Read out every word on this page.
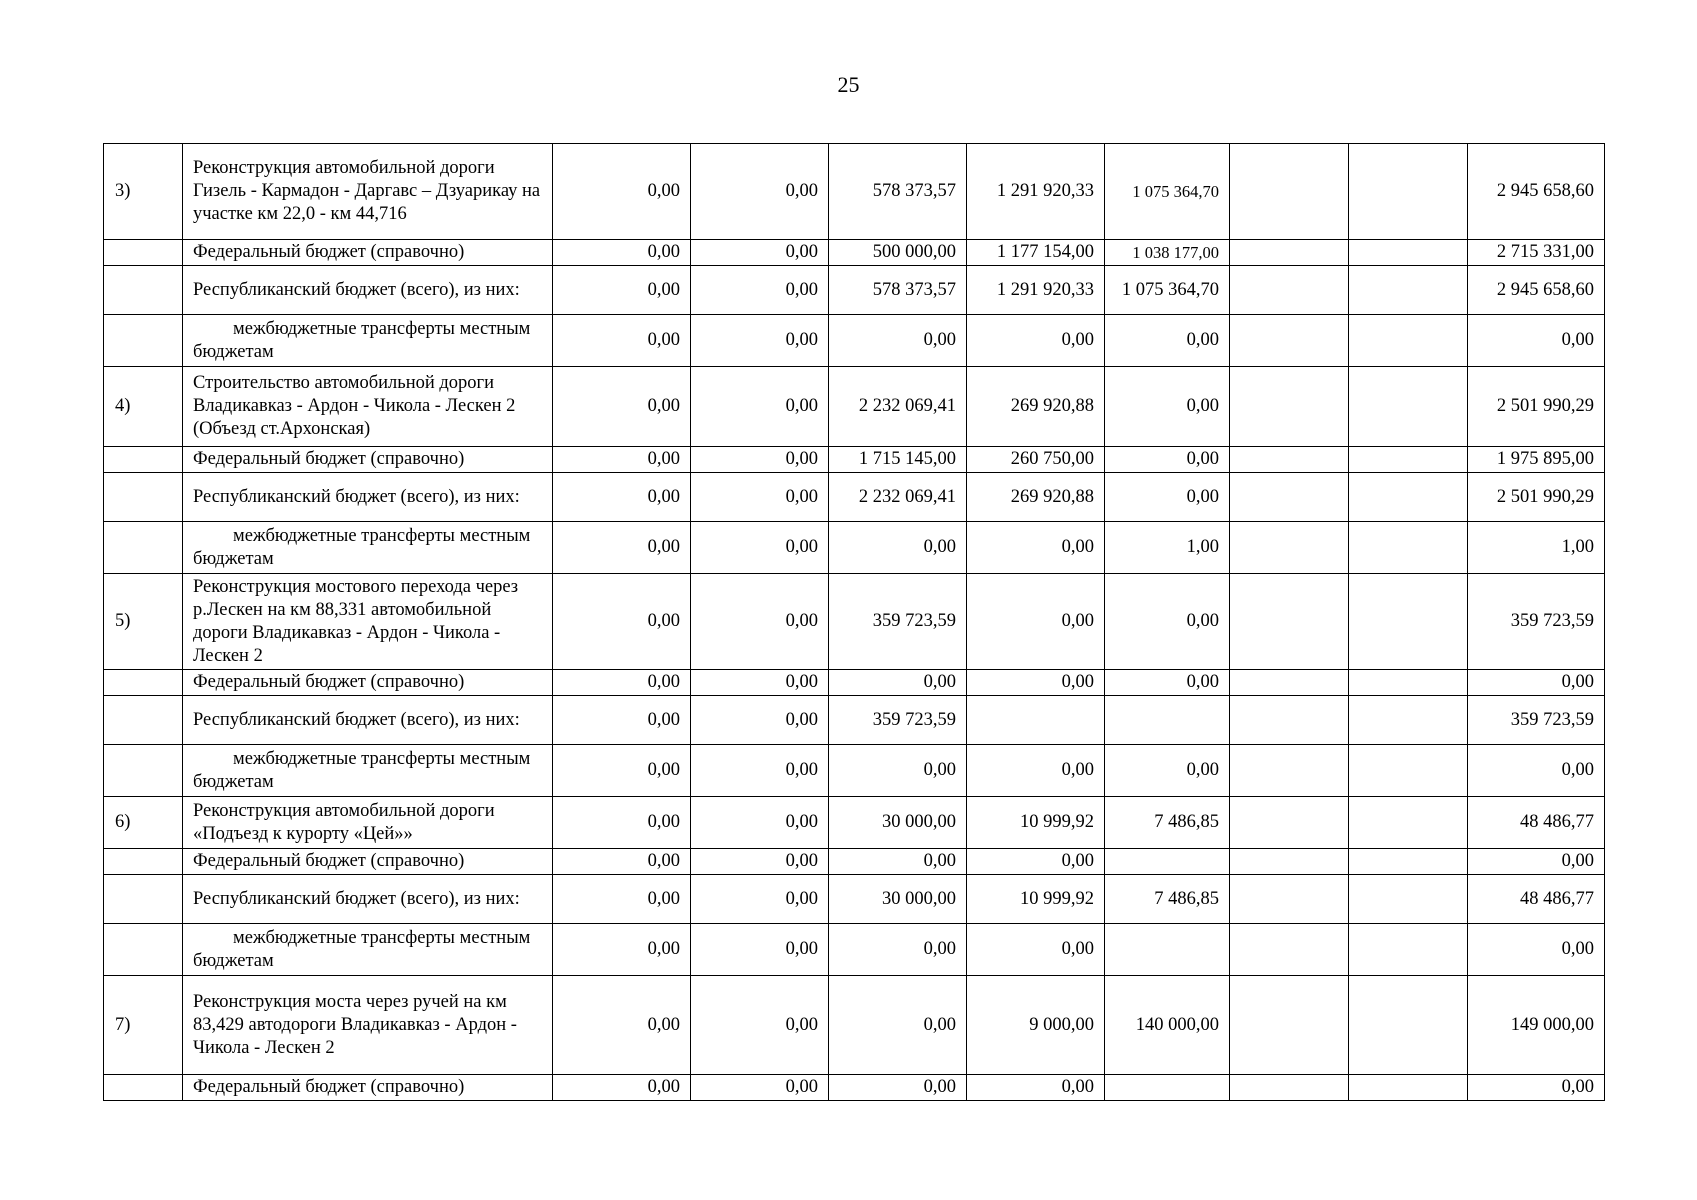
25
3)	Реконструкция автомобильной дороги Гизель - Кармадон - Даргавс – Дзуарикау на участке км 22,0 - км 44,716	0,00	0,00	578 373,57	1 291 920,33	1 075 364,70			2 945 658,60
	Федеральный бюджет (справочно)	0,00	0,00	500 000,00	1 177 154,00	1 038 177,00			2 715 331,00
	Республиканский бюджет (всего), из них:	0,00	0,00	578 373,57	1 291 920,33	1 075 364,70			2 945 658,60
	межбюджетные трансферты местным бюджетам	0,00	0,00	0,00	0,00	0,00			0,00
4)	Строительство автомобильной дороги Владикавказ - Ардон - Чикола - Лескен 2 (Объезд ст.Архонская)	0,00	0,00	2 232 069,41	269 920,88	0,00			2 501 990,29
	Федеральный бюджет (справочно)	0,00	0,00	1 715 145,00	260 750,00	0,00			1 975 895,00
	Республиканский бюджет (всего), из них:	0,00	0,00	2 232 069,41	269 920,88	0,00			2 501 990,29
	межбюджетные трансферты местным бюджетам	0,00	0,00	0,00	0,00	1,00			1,00
5)	Реконструкция мостового перехода через р.Лескен на км 88,331 автомобильной дороги Владикавказ - Ардон - Чикола - Лескен 2	0,00	0,00	359 723,59	0,00	0,00			359 723,59
	Федеральный бюджет (справочно)	0,00	0,00	0,00	0,00	0,00			0,00
	Республиканский бюджет (всего), из них:	0,00	0,00	359 723,59					359 723,59
	межбюджетные трансферты местным бюджетам	0,00	0,00	0,00	0,00	0,00			0,00
6)	Реконструкция автомобильной дороги «Подъезд к курорту «Цей»»	0,00	0,00	30 000,00	10 999,92	7 486,85			48 486,77
	Федеральный бюджет (справочно)	0,00	0,00	0,00	0,00				0,00
	Республиканский бюджет (всего), из них:	0,00	0,00	30 000,00	10 999,92	7 486,85			48 486,77
	межбюджетные трансферты местным бюджетам	0,00	0,00	0,00	0,00				0,00
7)	Реконструкция моста через ручей на км 83,429 автодороги Владикавказ - Ардон - Чикола - Лескен 2	0,00	0,00	0,00	9 000,00	140 000,00			149 000,00
	Федеральный бюджет (справочно)	0,00	0,00	0,00	0,00				0,00
